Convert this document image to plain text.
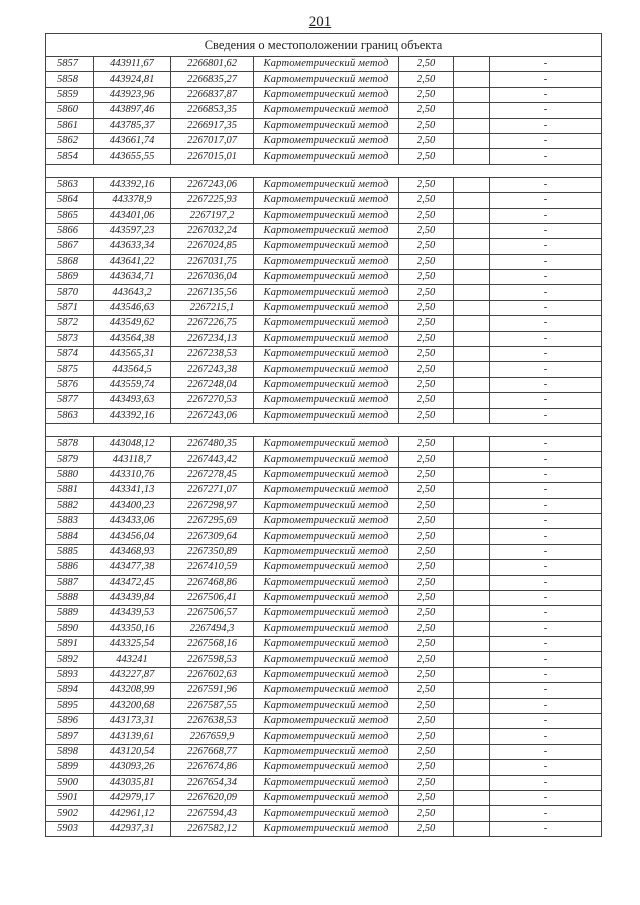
201
Сведения о местоположении границ объекта						
5857	443911,67	2266801,62	Картометрический метод	2,50		-
5858	443924,81	2266835,27	Картометрический метод	2,50		-
5859	443923,96	2266837,87	Картометрический метод	2,50		-
5860	443897,46	2266853,35	Картометрический метод	2,50		-
5861	443785,37	2266917,35	Картометрический метод	2,50		-
5862	443661,74	2267017,07	Картометрический метод	2,50		-
5854	443655,55	2267015,01	Картометрический метод	2,50		-

5863	443392,16	2267243,06	Картометрический метод	2,50		-
5864	443378,9	2267225,93	Картометрический метод	2,50		-
5865	443401,06	2267197,2	Картометрический метод	2,50		-
5866	443597,23	2267032,24	Картометрический метод	2,50		-
5867	443633,34	2267024,85	Картометрический метод	2,50		-
5868	443641,22	2267031,75	Картометрический метод	2,50		-
5869	443634,71	2267036,04	Картометрический метод	2,50		-
5870	443643,2	2267135,56	Картометрический метод	2,50		-
5871	443546,63	2267215,1	Картометрический метод	2,50		-
5872	443549,62	2267226,75	Картометрический метод	2,50		-
5873	443564,38	2267234,13	Картометрический метод	2,50		-
5874	443565,31	2267238,53	Картометрический метод	2,50		-
5875	443564,5	2267243,38	Картометрический метод	2,50		-
5876	443559,74	2267248,04	Картометрический метод	2,50		-
5877	443493,63	2267270,53	Картометрический метод	2,50		-
5863	443392,16	2267243,06	Картометрический метод	2,50		-

5878	443048,12	2267480,35	Картометрический метод	2,50		-
5879	443118,7	2267443,42	Картометрический метод	2,50		-
5880	443310,76	2267278,45	Картометрический метод	2,50		-
5881	443341,13	2267271,07	Картометрический метод	2,50		-
5882	443400,23	2267298,97	Картометрический метод	2,50		-
5883	443433,06	2267295,69	Картометрический метод	2,50		-
5884	443456,04	2267309,64	Картометрический метод	2,50		-
5885	443468,93	2267350,89	Картометрический метод	2,50		-
5886	443477,38	2267410,59	Картометрический метод	2,50		-
5887	443472,45	2267468,86	Картометрический метод	2,50		-
5888	443439,84	2267506,41	Картометрический метод	2,50		-
5889	443439,53	2267506,57	Картометрический метод	2,50		-
5890	443350,16	2267494,3	Картометрический метод	2,50		-
5891	443325,54	2267568,16	Картометрический метод	2,50		-
5892	443241	2267598,53	Картометрический метод	2,50		-
5893	443227,87	2267602,63	Картометрический метод	2,50		-
5894	443208,99	2267591,96	Картометрический метод	2,50		-
5895	443200,68	2267587,55	Картометрический метод	2,50		-
5896	443173,31	2267638,53	Картометрический метод	2,50		-
5897	443139,61	2267659,9	Картометрический метод	2,50		-
5898	443120,54	2267668,77	Картометрический метод	2,50		-
5899	443093,26	2267674,86	Картометрический метод	2,50		-
5900	443035,81	2267654,34	Картометрический метод	2,50		-
5901	442979,17	2267620,09	Картометрический метод	2,50		-
5902	442961,12	2267594,43	Картометрический метод	2,50		-
5903	442937,31	2267582,12	Картометрический метод	2,50		-
